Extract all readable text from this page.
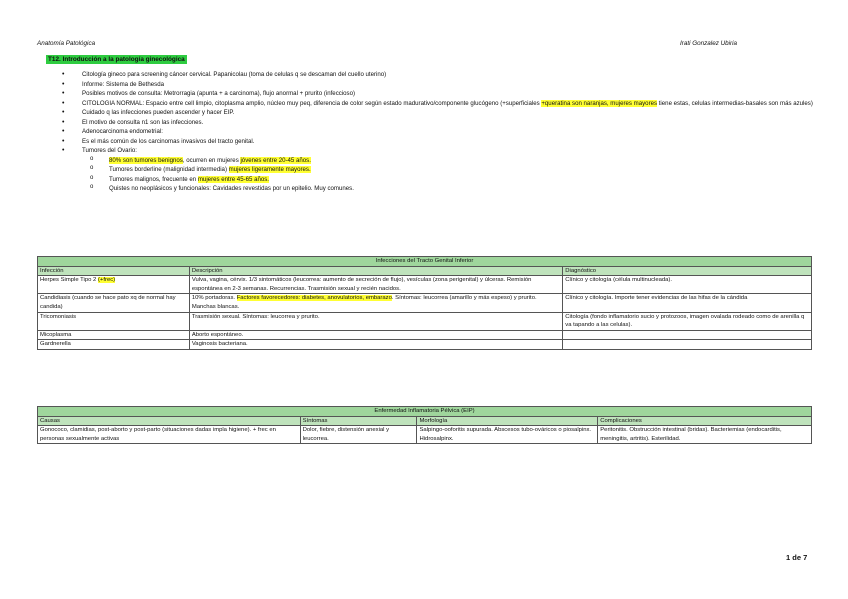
Anatomía Patológica	Irati Gonzalez Ubiria
T12. Introducción a la patología ginecológica
• Citología gineco para screening cáncer cervical. Papanicolau (toma de celulas q se descaman del cuello uterino)
• Informe: Sistema de Bethesda
• Posibles motivos de consulta: Metrorragia (apunta + a carcinoma), flujo anormal + prurito (infeccioso)
• CITOLOGIA NORMAL: Espacio entre cell limpio, citoplasma amplio, núcleo muy peq, diferencia de color según estado madurativo/componente glucógeno (+superficiales +queratina son naranjas, mujeres mayores tiene estas, celulas intermedias-basales son más azules)
• Cuidado q las infecciones pueden ascender y hacer EIP.
• El motivo de consulta n1 son las infecciones.
• Adenocarcinoma endometrial:
• Es el más común de los carcinomas invasivos del tracto genital.
• Tumores del Ovario:
o 80% son tumores benignos, ocurren en mujeres jóvenes entre 20-45 años.
o Tumores borderline (malignidad intermedia) mujeres ligeramente mayores.
o Tumores malignos, frecuente en mujeres entre 45-65 años.
o Quistes no neoplásicos y funcionales: Cavidades revestidas por un epitelio. Muy comunes.
Infecciones del Tracto Genital Inferior		
Infección	Descripción	Diagnóstico
Herpes Simple Tipo 2 (+frec)	Vulva, vagina, cérvix. 1/3 sintomáticos (leucorrea: aumento de secreción de flujo), vesículas (zona perigenital) y úlceras. Remisión espontánea en 2-3 semanas. Recurrencias. Trasmisión sexual y recién nacidos.	Clínico y citología (célula multinucleada).
Candidiasis (cuando se hace pato xq de normal hay candida)	10% portadoras. Factores favorecedores: diabetes, anovulatorios, embarazo. Síntomas: leucorrea (amarillo y más espeso) y prurito. Manchas blancas.	Clínico y citología. Importe tener evidencias de las hifas de la cándida
Tricomoniasis	Trasmisión sexual. Síntomas: leucorrea y prurito.	Citología (fondo inflamatorio sucio y protozoos, imagen ovalada rodeado como de arenilla q va tapando a las celulas).
Micoplasma	Aborto espontáneo.	
Gardnerella	Vaginosis bacteriana.	
Enfermedad Inflamatoria Pélvica (EIP)			
Causas	Síntomas	Morfología	Complicaciones
Gonococo, clamidias, post-aborto y post-parto (situaciones dadas impla higiene). + frec en personas sexualmente activas	Dolor, fiebre, distensión anexial y leucorrea.	Salpingo-ooforitis supurada. Abscesos tubo-ováricos o piosalpinx. Hidrosalpinx.	Peritonitis. Obstrucción intestinal (bridas). Bacteriemias (endocarditis, meningitis, artritis). Esterilidad.
1 de 7
